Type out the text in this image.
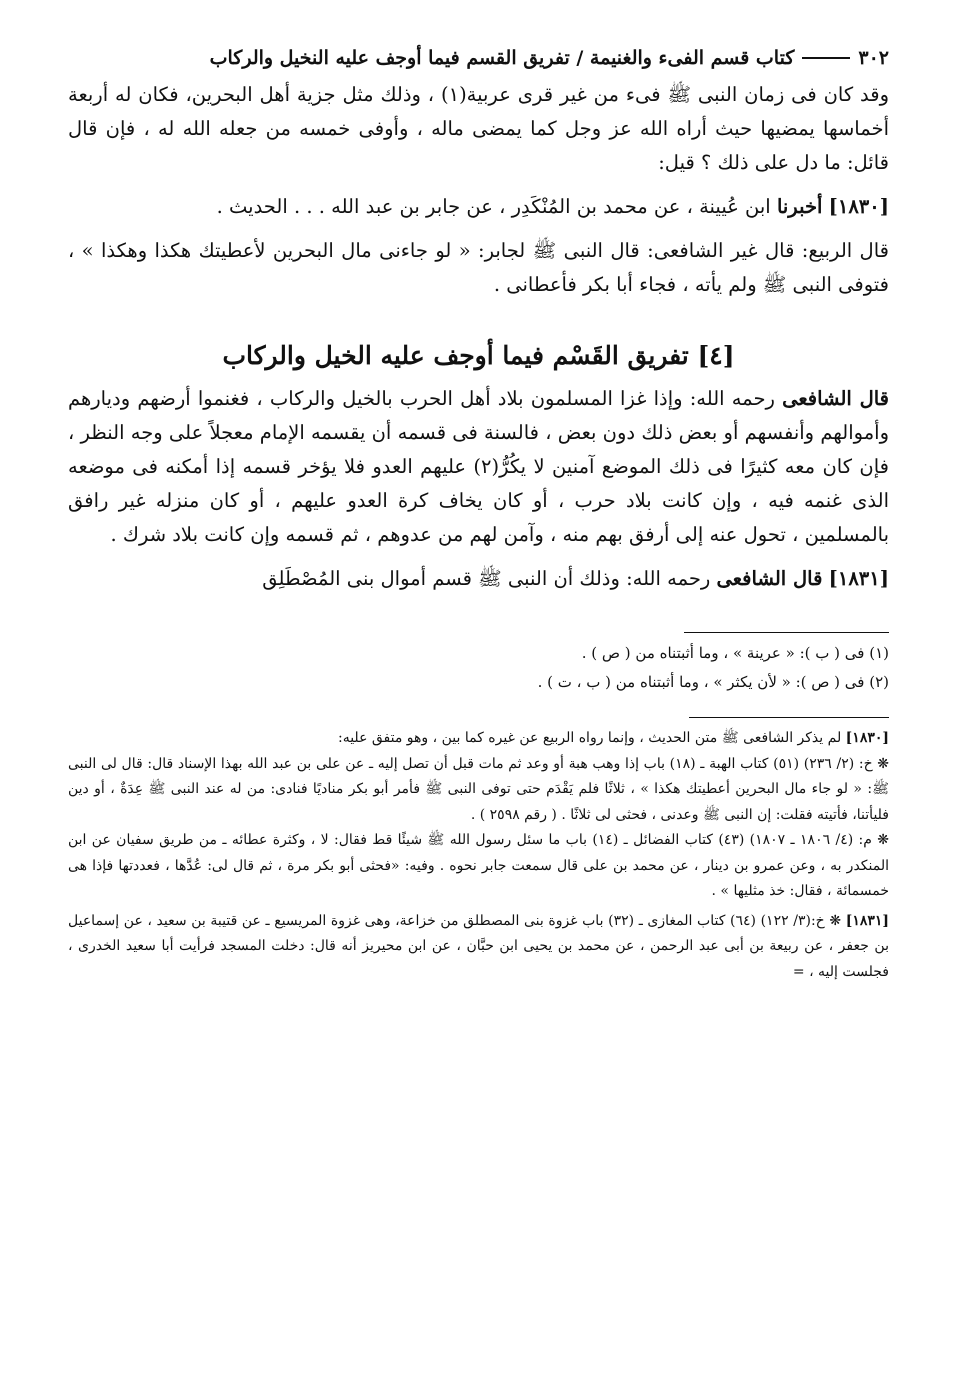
٣٠٢
كتاب قسم الفىء والغنيمة / تفريق القسم فيما أوجف عليه النخيل والركاب

وقد كان فى زمان النبى ﷺ فىء من غير قرى عربية(١) ، وذلك مثل جزية أهل البحرين، فكان له أربعة أخماسها يمضيها حيث أراه الله عز وجل كما يمضى ماله ، وأوفى خمسه من جعله الله له ، فإن قال قائل: ما دل على ذلك ؟ قيل:

[١٨٣٠] أخبرنا ابن عُيينة ، عن محمد بن المُنْكَدِر ، عن جابر بن عبد الله . . . الحديث .

قال الربيع: قال غير الشافعى: قال النبى ﷺ لجابر: « لو جاءنى مال البحرين لأعطيتك هكذا وهكذا » ، فتوفى النبى ﷺ ولم يأته ، فجاء أبا بكر فأعطانى .

[٤] تفريق القَسْم فيما أوجف عليه الخيل والركاب

قال الشافعى رحمه الله: وإذا غزا المسلمون بلاد أهل الحرب بالخيل والركاب ، فغنموا أرضهم وديارهم وأموالهم وأنفسهم أو بعض ذلك دون بعض ، فالسنة فى قسمه أن يقسمه الإمام معجلاً على وجه النظر ، فإن كان معه كثيرًا فى ذلك الموضع آمنين لا يكُرُّ(٢) عليهم العدو فلا يؤخر قسمه إذا أمكنه فى موضعه الذى غنمه فيه ، وإن كانت بلاد حرب ، أو كان يخاف كرة العدو عليهم ، أو كان منزله غير رافق بالمسلمين ، تحول عنه إلى أرفق بهم منه ، وآمن لهم من عدوهم ، ثم قسمه وإن كانت بلاد شرك .

[١٨٣١] قال الشافعى رحمه الله: وذلك أن النبى ﷺ قسم أموال بنى المُصْطَلِق

(١) فى ( ب ): « عرينة » ، وما أثبتناه من ( ص ) .

(٢) فى ( ص ): « لأن يكثر » ، وما أثبتناه من ( ب ، ت ) .

[١٨٣٠] لم يذكر الشافعى ﷺ متن الحديث ، وإنما رواه الربيع عن غيره كما بين ، وهو متفق عليه:

❋ خ: (٢/ ٢٣٦) (٥١) كتاب الهبة ـ (١٨) باب إذا وهب هبة أو وعد ثم مات قبل أن تصل إليه ـ عن على بن عبد الله بهذا الإسناد قال: قال لى النبى ﷺ: « لو جاء مال البحرين أعطيتك هكذا » ، ثلاثًا فلم يَقْدَم حتى توفى النبى ﷺ فأمر أبو بكر مناديًا فنادى: من له عند النبى ﷺ عِدَةٌ ، أو دين فليأتنا، فأتيته فقلت: إن النبى ﷺ وعدنى ، فحثى لى ثلاثًا . ( رقم ٢٥٩٨ ) .

❋ م: (٤/ ١٨٠٦ ـ ١٨٠٧) (٤٣) كتاب الفضائل ـ (١٤) باب ما سئل رسول الله ﷺ شيئًا قط فقال: لا ، وكثرة عطائه ـ من طريق سفيان عن ابن المنكدر به ، وعن عمرو بن دينار ، عن محمد بن على قال سمعت جابر نحوه . وفيه: «فحثى أبو بكر مرة ، ثم قال لى: عُدَّها ، فعددتها فإذا هى خمسمائة ، فقال: خذ مثليها » .

[١٨٣١] ❋ خ:(٣/ ١٢٢) (٦٤) كتاب المغازى ـ (٣٢) باب غزوة بنى المصطلق من خزاعة، وهى غزوة المريسيع ـ عن قتيبة بن سعيد ، عن إسماعيل بن جعفر ، عن ربيعة بن أبى عبد الرحمن ، عن محمد بن يحيى ابن حبَّان ، عن ابن محيريز أنه قال: دخلت المسجد فرأيت أبا سعيد الخدرى ، فجلست إليه ، =
